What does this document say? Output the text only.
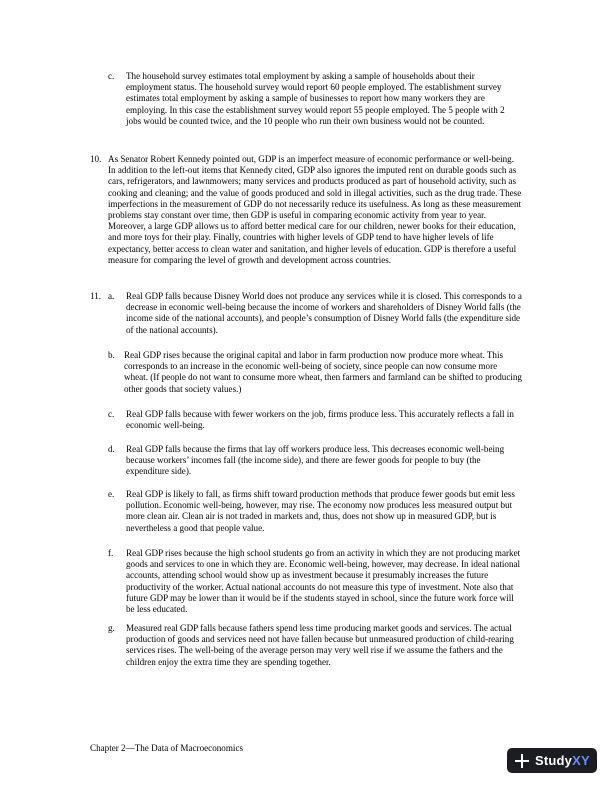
c. The household survey estimates total employment by asking a sample of households about their employment status. The household survey would report 60 people employed. The establishment survey estimates total employment by asking a sample of businesses to report how many workers they are employing. In this case the establishment survey would report 55 people employed. The 5 people with 2 jobs would be counted twice, and the 10 people who run their own business would not be counted.
10. As Senator Robert Kennedy pointed out, GDP is an imperfect measure of economic performance or well-being. In addition to the left-out items that Kennedy cited, GDP also ignores the imputed rent on durable goods such as cars, refrigerators, and lawnmowers; many services and products produced as part of household activity, such as cooking and cleaning; and the value of goods produced and sold in illegal activities, such as the drug trade. These imperfections in the measurement of GDP do not necessarily reduce its usefulness. As long as these measurement problems stay constant over time, then GDP is useful in comparing economic activity from year to year. Moreover, a large GDP allows us to afford better medical care for our children, newer books for their education, and more toys for their play. Finally, countries with higher levels of GDP tend to have higher levels of life expectancy, better access to clean water and sanitation, and higher levels of education. GDP is therefore a useful measure for comparing the level of growth and development across countries.
11. a. Real GDP falls because Disney World does not produce any services while it is closed. This corresponds to a decrease in economic well-being because the income of workers and shareholders of Disney World falls (the income side of the national accounts), and people’s consumption of Disney World falls (the expenditure side of the national accounts).
b. Real GDP rises because the original capital and labor in farm production now produce more wheat. This corresponds to an increase in the economic well-being of society, since people can now consume more wheat. (If people do not want to consume more wheat, then farmers and farmland can be shifted to producing other goods that society values.)
c. Real GDP falls because with fewer workers on the job, firms produce less. This accurately reflects a fall in economic well-being.
d. Real GDP falls because the firms that lay off workers produce less. This decreases economic well-being because workers’ incomes fall (the income side), and there are fewer goods for people to buy (the expenditure side).
e. Real GDP is likely to fall, as firms shift toward production methods that produce fewer goods but emit less pollution. Economic well-being, however, may rise. The economy now produces less measured output but more clean air. Clean air is not traded in markets and, thus, does not show up in measured GDP, but is nevertheless a good that people value.
f. Real GDP rises because the high school students go from an activity in which they are not producing market goods and services to one in which they are. Economic well-being, however, may decrease. In ideal national accounts, attending school would show up as investment because it presumably increases the future productivity of the worker. Actual national accounts do not measure this type of investment. Note also that future GDP may be lower than it would be if the students stayed in school, since the future work force will be less educated.
g. Measured real GDP falls because fathers spend less time producing market goods and services. The actual production of goods and services need not have fallen because but unmeasured production of child-rearing services rises. The well-being of the average person may very well rise if we assume the fathers and the children enjoy the extra time they are spending together.
Chapter 2—The Data of Macroeconomics
StudyXY
